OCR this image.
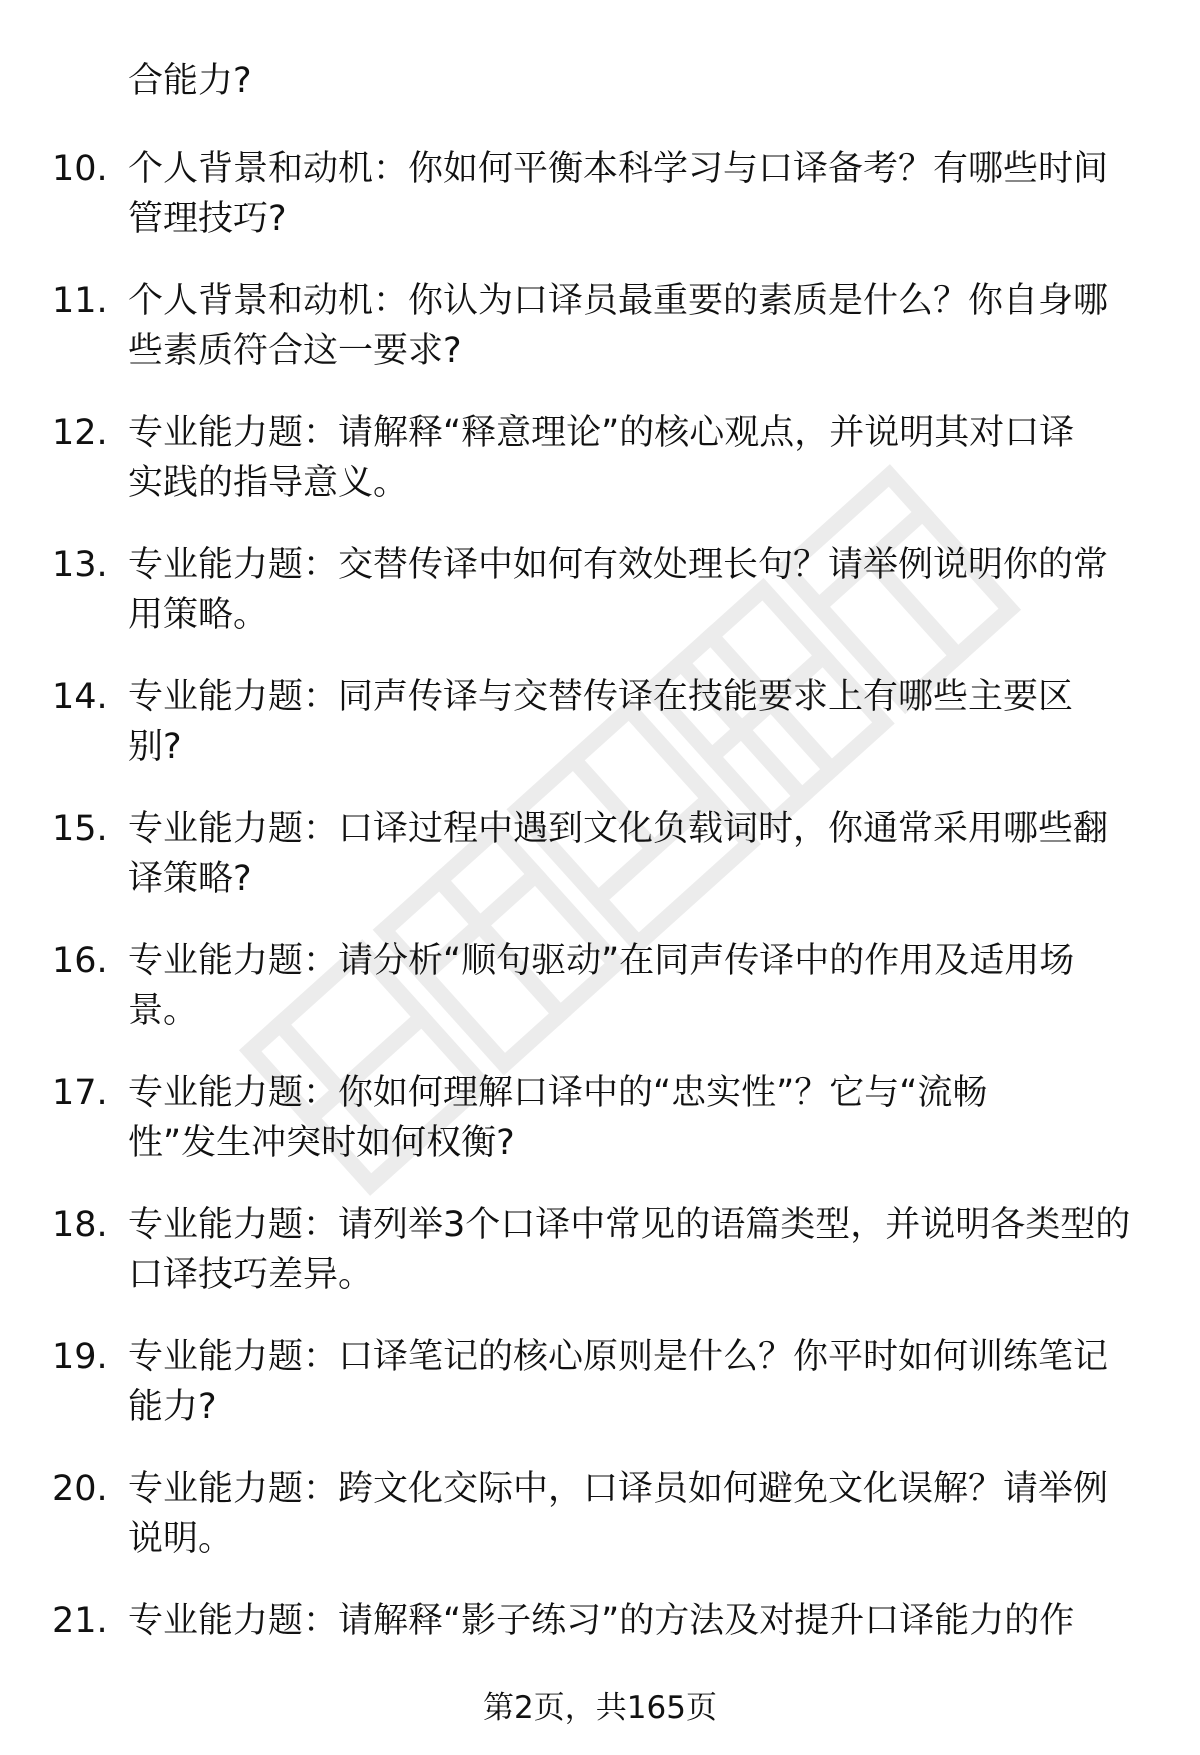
合能力?
10. 个人背景和动机：你如何平衡本科学习与口译备考？有哪些时间
管理技巧?
11. 个人背景和动机：你认为口译员最重要的素质是什么？你自身哪
些素质符合这一要求?
12. 专业能力题：请解释“释意理论”的核心观点，并说明其对口译
实践的指导意义。
13. 专业能力题：交替传译中如何有效处理长句？请举例说明你的常
用策略。
14. 专业能力题：同声传译与交替传译在技能要求上有哪些主要区
别?
15. 专业能力题：口译过程中遇到文化负载词时，你通常采用哪些翻
译策略?
16. 专业能力题：请分析“顺句驱动”在同声传译中的作用及适用场
景。
17. 专业能力题：你如何理解口译中的“忠实性”？它与“流畅
性”发生冲突时如何权衡?
18. 专业能力题：请列举3个口译中常见的语篇类型，并说明各类型的
口译技巧差异。
19. 专业能力题：口译笔记的核心原则是什么？你平时如何训练笔记
能力?
20. 专业能力题：跨文化交际中，口译员如何避免文化误解？请举例
说明。
21. 专业能力题：请解释“影子练习”的方法及对提升口译能力的作
第2页，共165页
